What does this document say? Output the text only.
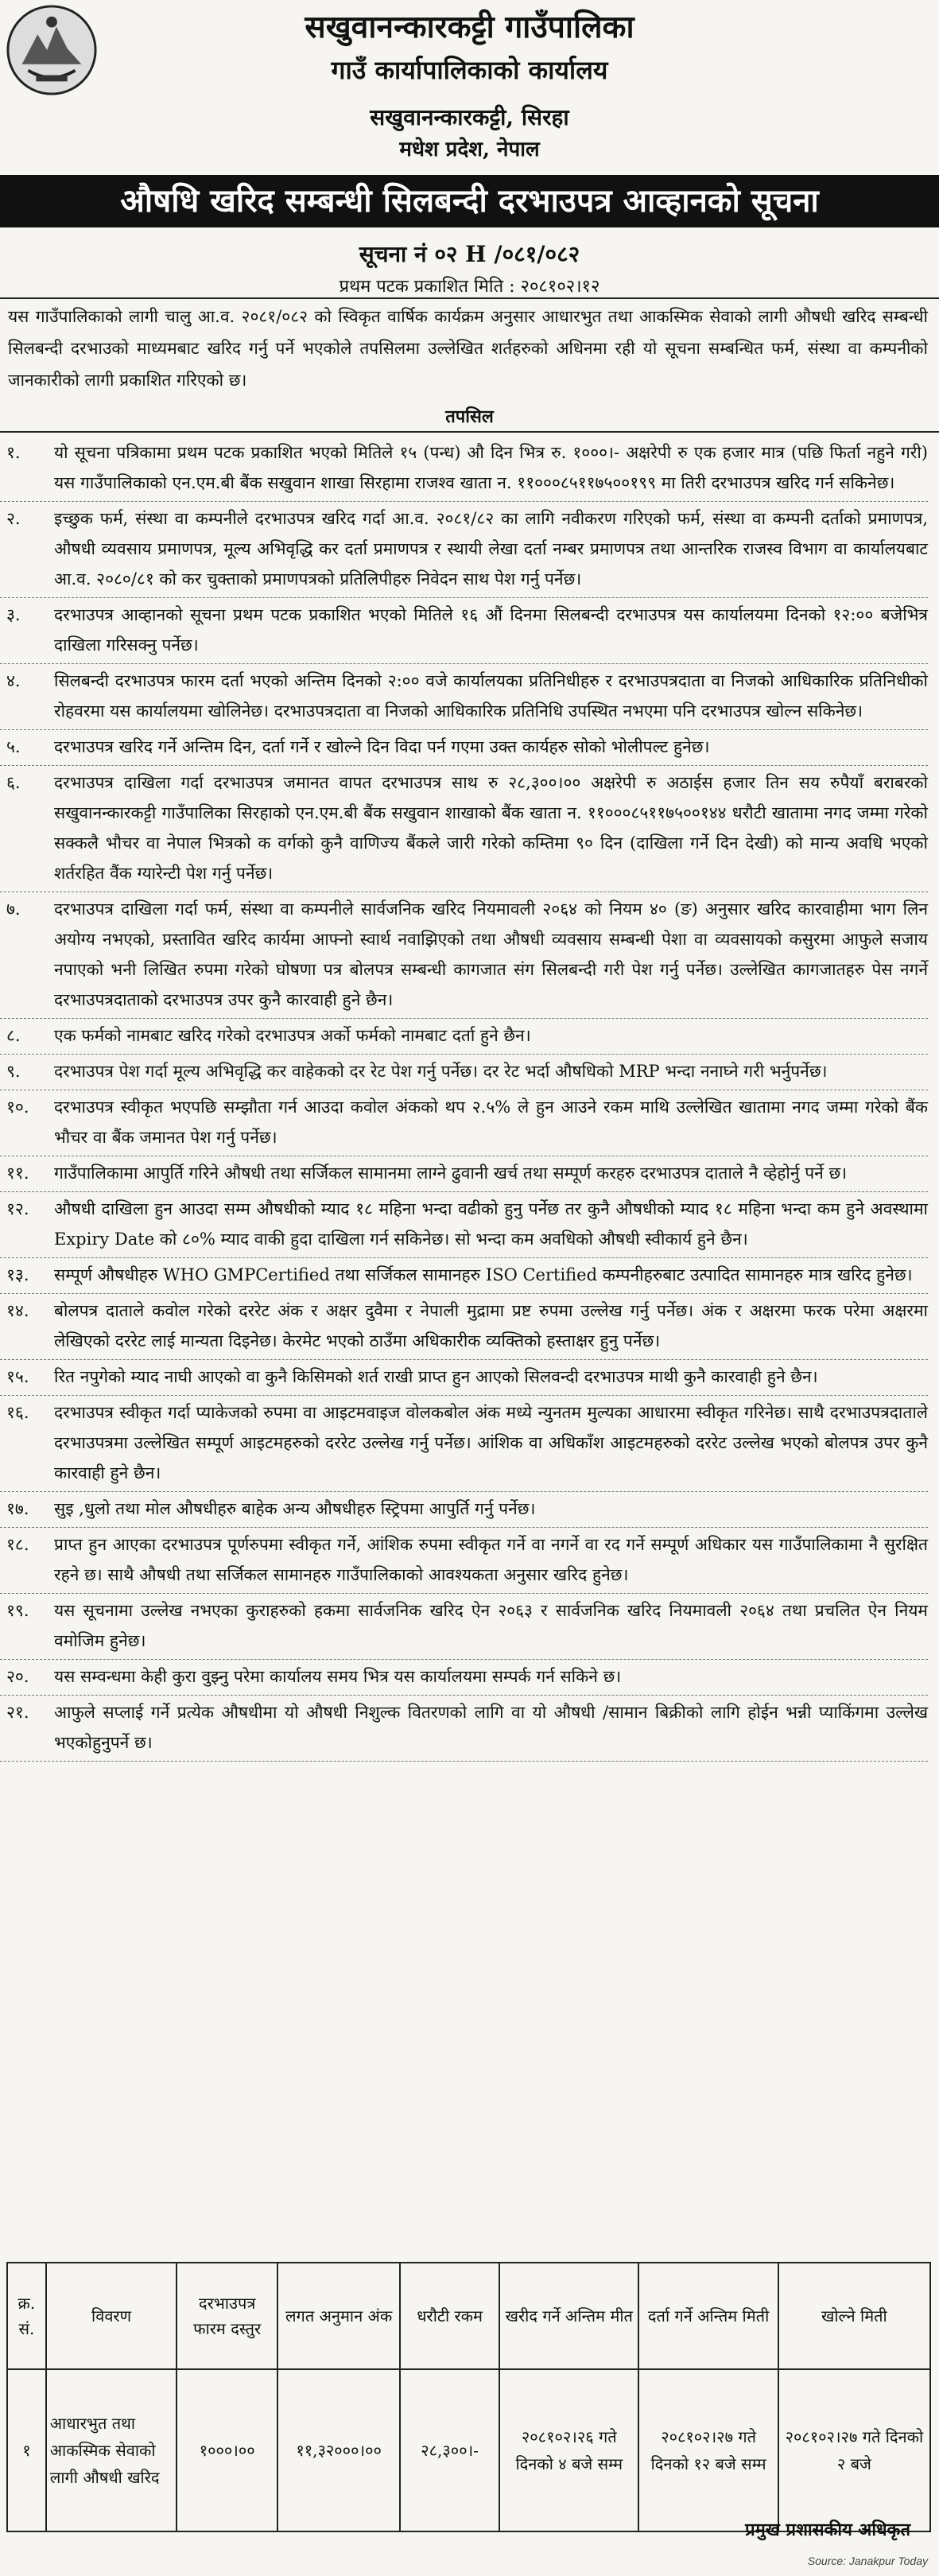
सखुवानन्कारकट्टी गाउँपालिका
गाउँ कार्यापालिकाको कार्यालय
सखुवानन्कारकट्टी, सिरहा
मधेश प्रदेश, नेपाल
औषधि खरिद सम्बन्धी सिलबन्दी दरभाउपत्र आव्हानको सूचना
सूचना नं ०२ H /०८१/०८२
प्रथम पटक प्रकाशित मिति : २०८१०२।१२
यस गाउँपालिकाको लागी चालु आ.व. २०८१/०८२ को स्विकृत वार्षिक कार्यक्रम अनुसार आधारभुत तथा आकस्मिक सेवाको लागी औषधी खरिद सम्बन्धी सिलबन्दी दरभाउको माध्यमबाट खरिद गर्नु पर्ने भएकोले तपसिलमा उल्लेखित शर्तहरुको अधिनमा रही यो सूचना सम्बन्धित फर्म, संस्था वा कम्पनीको जानकारीको लागी प्रकाशित गरिएको छ।
तपसिल
१.	यो सूचना पत्रिकामा प्रथम पटक प्रकाशित भएको मितिले १५ (पन्ध) औ दिन भित्र रु. १०००।- अक्षरेपी रु एक हजार मात्र (पछि फिर्ता नहुने गरी) यस गाउँपालिकाको एन.एम.बी बैंक सखुवान शाखा सिरहामा राजश्व खाता न. ११०००८५११७५००१९९ मा तिरी दरभाउपत्र खरिद गर्न सकिनेछ।
२.	इच्छुक फर्म, संस्था वा कम्पनीले दरभाउपत्र खरिद गर्दा आ.व. २०८१/८२ का लागि नवीकरण गरिएको फर्म, संस्था वा कम्पनी दर्ताको प्रमाणपत्र, औषधी व्यवसाय प्रमाणपत्र, मूल्य अभिवृद्धि कर दर्ता प्रमाणपत्र र स्थायी लेखा दर्ता नम्बर प्रमाणपत्र तथा आन्तरिक राजस्व विभाग वा कार्यालयबाट आ.व. २०८०/८१ को कर चुक्ताको प्रमाणपत्रको प्रतिलिपीहरु निवेदन साथ पेश गर्नु पर्नेछ।
३.	दरभाउपत्र आव्हानको सूचना प्रथम पटक प्रकाशित भएको मितिले १६ औं दिनमा सिलबन्दी दरभाउपत्र यस कार्यालयमा दिनको १२:०० बजेभित्र दाखिला गरिसक्नु पर्नेछ।
४.	सिलबन्दी दरभाउपत्र फारम दर्ता भएको अन्तिम दिनको २:०० वजे कार्यालयका प्रतिनिधीहरु र दरभाउपत्रदाता वा निजको आधिकारिक प्रतिनिधीको रोहवरमा यस कार्यालयमा खोलिनेछ। दरभाउपत्रदाता वा निजको आधिकारिक प्रतिनिधि उपस्थित नभएमा पनि दरभाउपत्र खोल्न सकिनेछ।
५.	दरभाउपत्र खरिद गर्ने अन्तिम दिन, दर्ता गर्ने र खोल्ने दिन विदा पर्न गएमा उक्त कार्यहरु सोको भोलीपल्ट हुनेछ।
६.	दरभाउपत्र दाखिला गर्दा दरभाउपत्र जमानत वापत दरभाउपत्र साथ रु २८,३००।०० अक्षरेपी रु अठाईस हजार तिन सय रुपैयाँ बराबरको सखुवानन्कारकट्टी गाउँपालिका सिरहाको एन.एम.बी बैंक सखुवान शाखाको बैंक खाता न. ११०००८५११७५००१४४ धरौटी खातामा नगद जम्मा गरेको सक्कलै भौचर वा नेपाल भित्रको क वर्गको कुनै वाणिज्य बैंकले जारी गरेको कम्तिमा ९० दिन (दाखिला गर्ने दिन देखी) को मान्य अवधि भएको शर्तरहित वैंक ग्यारेन्टी पेश गर्नु पर्नेछ।
७.	दरभाउपत्र दाखिला गर्दा फर्म, संस्था वा कम्पनीले सार्वजनिक खरिद नियमावली २०६४ को नियम ४० (ङ) अनुसार खरिद कारवाहीमा भाग लिन अयोग्य नभएको, प्रस्तावित खरिद कार्यमा आफ्नो स्वार्थ नवाझिएको तथा औषधी व्यवसाय सम्बन्धी पेशा वा व्यवसायको कसुरमा आफुले सजाय नपाएको भनी लिखित रुपमा गरेको घोषणा पत्र बोलपत्र सम्बन्धी कागजात संग सिलबन्दी गरी पेश गर्नु पर्नेछ। उल्लेखित कागजातहरु पेस नगर्ने दरभाउपत्रदाताको दरभाउपत्र उपर कुनै कारवाही हुने छैन।
८.	एक फर्मको नामबाट खरिद गरेको दरभाउपत्र अर्को फर्मको नामबाट दर्ता हुने छैन।
९.	दरभाउपत्र पेश गर्दा मूल्य अभिवृद्धि कर वाहेकको दर रेट पेश गर्नु पर्नेछ। दर रेट भर्दा औषधिको MRP भन्दा ननाघ्ने गरी भर्नुपर्नेछ।
१०.	दरभाउपत्र स्वीकृत भएपछि सम्झौता गर्न आउदा कवोल अंकको थप २.५% ले हुन आउने रकम माथि उल्लेखित खातामा नगद जम्मा गरेको बैंक भौचर वा बैंक जमानत पेश गर्नु पर्नेछ।
११.	गाउँपालिकामा आपुर्ति गरिने औषधी तथा सर्जिकल सामानमा लाग्ने ढुवानी खर्च तथा सम्पूर्ण करहरु दरभाउपत्र दाताले नै व्हेहोर्नु पर्ने छ।
१२.	औषधी दाखिला हुन आउदा सम्म औषधीको म्याद १८ महिना भन्दा वढीको हुनु पर्नेछ तर कुनै औषधीको म्याद १८ महिना भन्दा कम हुने अवस्थामा Expiry Date को ८०% म्याद वाकी हुदा दाखिला गर्न सकिनेछ। सो भन्दा कम अवधिको औषधी स्वीकार्य हुने छैन।
१३.	सम्पूर्ण औषधीहरु WHO GMPCertified तथा सर्जिकल सामानहरु ISO Certified कम्पनीहरुबाट उत्पादित सामानहरु मात्र खरिद हुनेछ।
१४.	बोलपत्र दाताले कवोल गरेको दररेट अंक र अक्षर दुवैमा र नेपाली मुद्रामा प्रष्ट रुपमा उल्लेख गर्नु पर्नेछ। अंक र अक्षरमा फरक परेमा अक्षरमा लेखिएको दररेट लाई मान्यता दिइनेछ। केरमेट भएको ठाउँमा अधिकारीक व्यक्तिको हस्ताक्षर हुनु पर्नेछ।
१५.	रित नपुगेको म्याद नाघी आएको वा कुनै किसिमको शर्त राखी प्राप्त हुन आएको सिलवन्दी दरभाउपत्र माथी कुनै कारवाही हुने छैन।
१६.	दरभाउपत्र स्वीकृत गर्दा प्याकेजको रुपमा वा आइटमवाइज वोलकबोल अंक मध्ये न्युनतम मुल्यका आधारमा स्वीकृत गरिनेछ। साथै दरभाउपत्रदाताले दरभाउपत्रमा उल्लेखित सम्पूर्ण आइटमहरुको दररेट उल्लेख गर्नु पर्नेछ। आंशिक वा अधिकाँश आइटमहरुको दररेट उल्लेख भएको बोलपत्र उपर कुनै कारवाही हुने छैन।
१७.	सुइ ,धुलो तथा मोल औषधीहरु बाहेक अन्य औषधीहरु स्ट्रिपमा आपुर्ति गर्नु पर्नेछ।
१८.	प्राप्त हुन आएका दरभाउपत्र पूर्णरुपमा स्वीकृत गर्ने, आंशिक रुपमा स्वीकृत गर्ने वा नगर्ने वा रद गर्ने सम्पूर्ण अधिकार यस गाउँपालिकामा नै सुरक्षित रहने छ। साथै औषधी तथा सर्जिकल सामानहरु गाउँपालिकाको आवश्यकता अनुसार खरिद हुनेछ।
१९.	यस सूचनामा उल्लेख नभएका कुराहरुको हकमा सार्वजनिक खरिद ऐन २०६३ र सार्वजनिक खरिद नियमावली २०६४ तथा प्रचलित ऐन नियम वमोजिम हुनेछ।
२०.	यस सम्वन्धमा केही कुरा वुझ्नु परेमा कार्यालय समय भित्र यस कार्यालयमा सम्पर्क गर्न सकिने छ।
२१.	आफुले सप्लाई गर्ने प्रत्येक औषधीमा यो औषधी निशुल्क वितरणको लागि वा यो औषधी /सामान बिक्रीको लागि होईन भन्नी प्याकिंगमा उल्लेख भएकोहुनुपर्ने छ।
क्र. सं.	विवरण	दरभाउपत्र फारम दस्तुर	लगत अनुमान अंक	धरौटी रकम	खरीद गर्ने अन्तिम मीत	दर्ता गर्ने अन्तिम मिती	खोल्ने मिती
१	आधारभुत तथा आकस्मिक सेवाको लागी औषधी खरिद	१०००।००	११,३२०००।००	२८,३००।-	२०८१०२।२६ गते दिनको ४ बजे सम्म	२०८१०२।२७ गते दिनको १२ बजे सम्म	२०८१०२।२७ गते दिनको २ बजे
प्रमुख प्रशासकीय अधिकृत
Source: Janakpur Today
